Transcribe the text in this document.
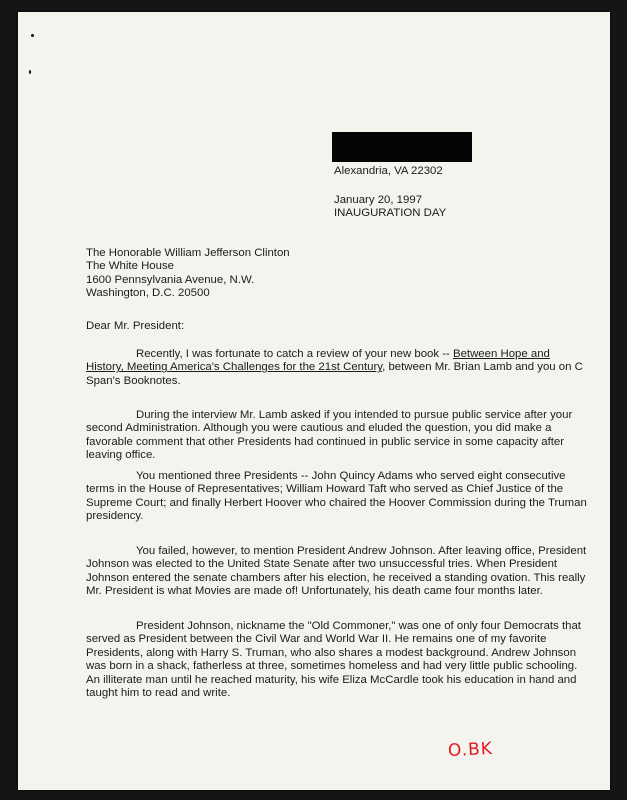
Alexandria, VA 22302
January 20, 1997
INAUGURATION DAY
The Honorable William Jefferson Clinton
The White House
1600 Pennsylvania Avenue, N.W.
Washington, D.C. 20500

Dear Mr. President:

Recently, I was fortunate to catch a review of your new book -- Between Hope and History, Meeting America's Challenges for the 21st Century, between Mr. Brian Lamb and you on C Span's Booknotes.

During the interview Mr. Lamb asked if you intended to pursue public service after your second Administration. Although you were cautious and eluded the question, you did make a favorable comment that other Presidents had continued in public service in some capacity after leaving office.

You mentioned three Presidents -- John Quincy Adams who served eight consecutive terms in the House of Representatives; William Howard Taft who served as Chief Justice of the Supreme Court; and finally Herbert Hoover who chaired the Hoover Commission during the Truman presidency.

You failed, however, to mention President Andrew Johnson. After leaving office, President Johnson was elected to the United State Senate after two unsuccessful tries. When President Johnson entered the senate chambers after his election, he received a standing ovation. This really Mr. President is what Movies are made of! Unfortunately, his death came four months later.

President Johnson, nickname the "Old Commoner," was one of only four Democrats that served as President between the Civil War and World War II. He remains one of my favorite Presidents, along with Harry S. Truman, who also shares a modest background. Andrew Johnson was born in a shack, fatherless at three, sometimes homeless and had very little public schooling. An illiterate man until he reached maturity, his wife Eliza McCardle took his education in hand and taught him to read and write.

O.BK
